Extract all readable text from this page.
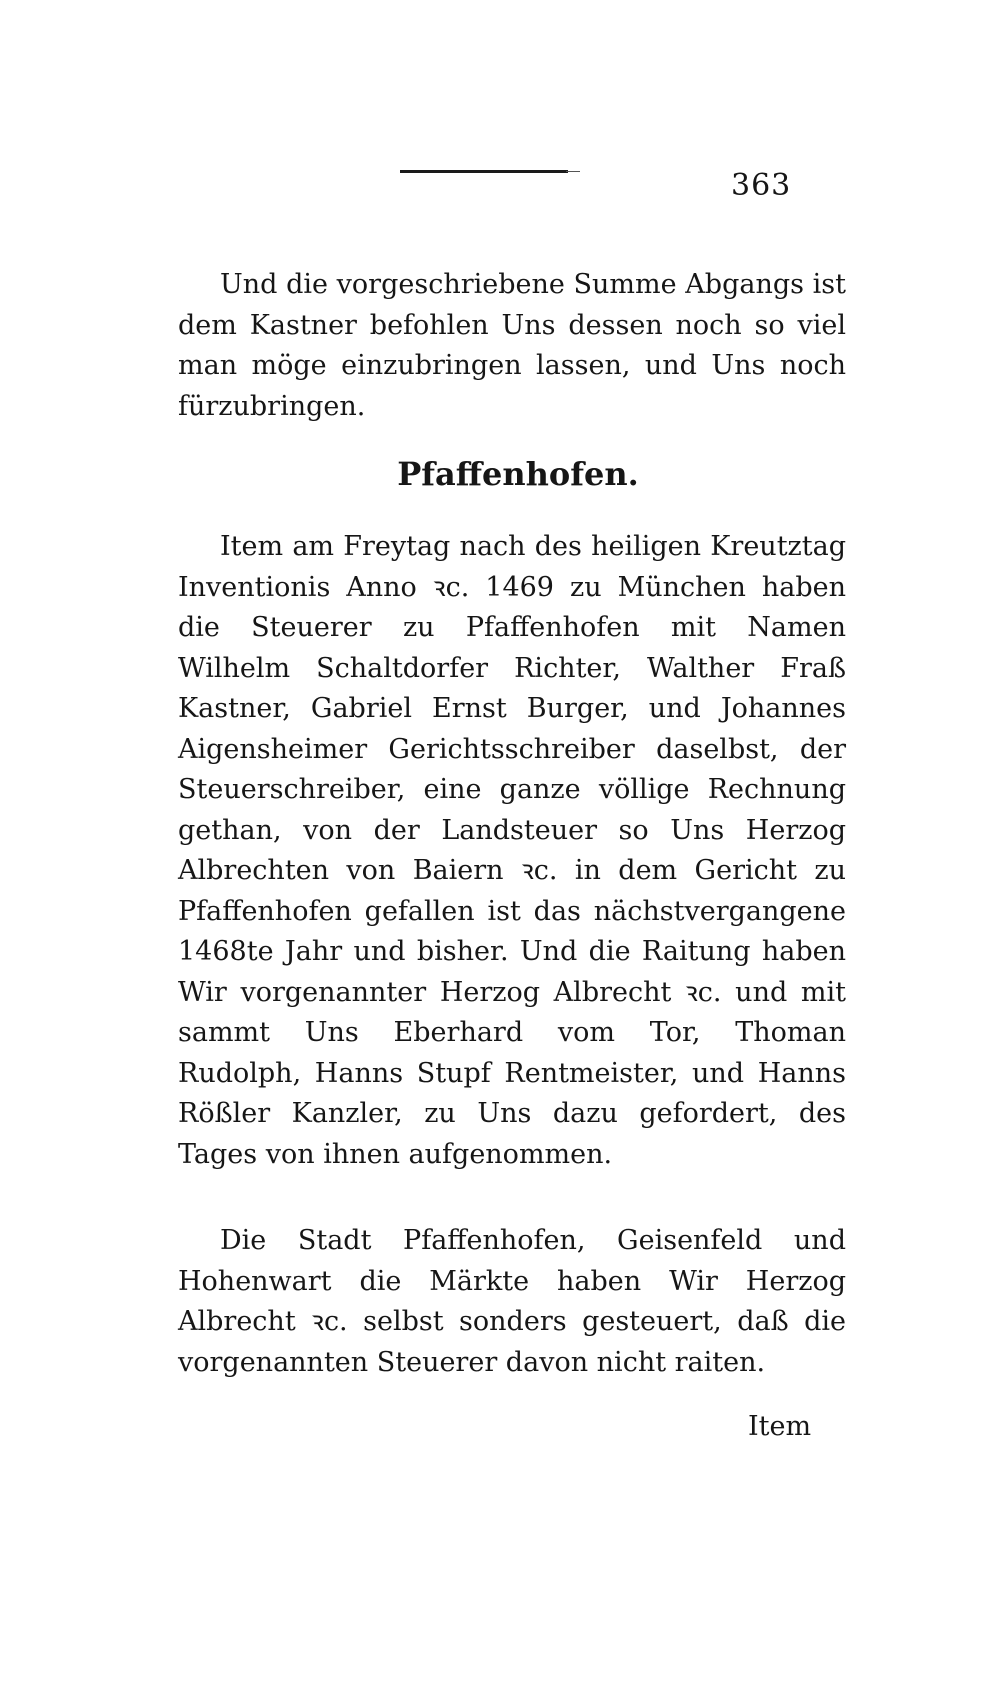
363

Und die vorgeschriebene Summe Abgangs ist dem Kastner befohlen Uns dessen noch so viel man möge einzubringen lassen, und Uns noch fürzubringen.

Pfaffenhofen.

Item am Freytag nach des heiligen Kreutztag Inventionis Anno ꝛc. 1469 zu München haben die Steuerer zu Pfaffenhofen mit Namen Wilhelm Schaltdorfer Richter, Walther Fraß Kastner, Gabriel Ernst Burger, und Johannes Aigensheimer Gerichtsschreiber daselbst, der Steuerschreiber, eine ganze völlige Rechnung gethan, von der Landsteuer so Uns Herzog Albrechten von Baiern ꝛc. in dem Gericht zu Pfaffenhofen gefallen ist das nächstvergangene 1468te Jahr und bisher. Und die Raitung haben Wir vorgenannter Herzog Albrecht ꝛc. und mit sammt Uns Eberhard vom Tor, Thoman Rudolph, Hanns Stupf Rentmeister, und Hanns Rößler Kanzler, zu Uns dazu gefordert, des Tages von ihnen aufgenommen.

Die Stadt Pfaffenhofen, Geisenfeld und Hohenwart die Märkte haben Wir Herzog Albrecht ꝛc. selbst sonders gesteuert, daß die vorgenannten Steuerer davon nicht raiten.

Item
